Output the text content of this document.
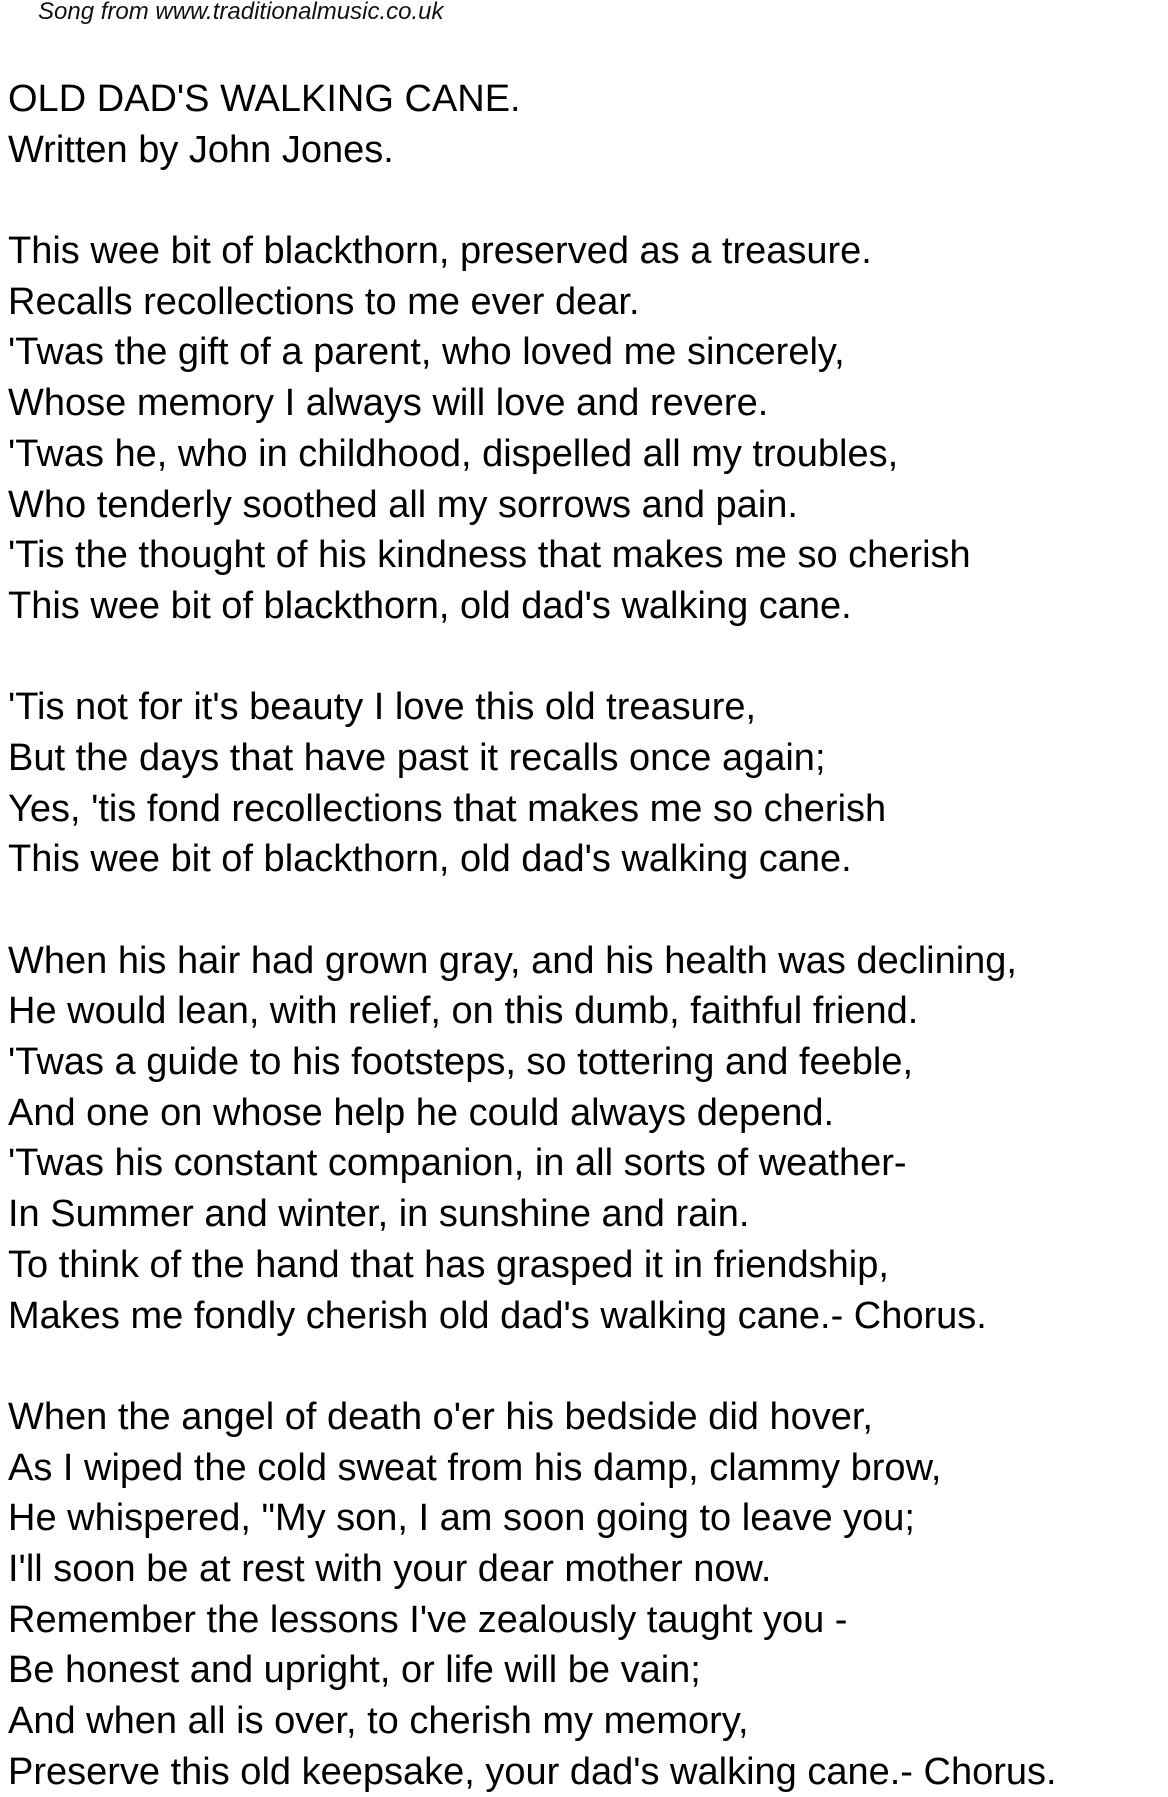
Song from www.traditionalmusic.co.uk

OLD DAD'S WALKING CANE.
Written by John Jones.
This wee bit of blackthorn, preserved as a treasure.
Recalls recollections to me ever dear.
'Twas the gift of a parent, who loved me sincerely,
Whose memory I always will love and revere.
'Twas he, who in childhood, dispelled all my troubles,
Who tenderly soothed all my sorrows and pain.
'Tis the thought of his kindness that makes me so cherish
This wee bit of blackthorn, old dad's walking cane.
'Tis not for it's beauty I love this old treasure,
But the days that have past it recalls once again;
Yes, 'tis fond recollections that makes me so cherish
This wee bit of blackthorn, old dad's walking cane.
When his hair had grown gray, and his health was declining,
He would lean, with relief, on this dumb, faithful friend.
'Twas a guide to his footsteps, so tottering and feeble,
And one on whose help he could always depend.
'Twas his constant companion, in all sorts of weather-
In Summer and winter, in sunshine and rain.
To think of the hand that has grasped it in friendship,
Makes me fondly cherish old dad's walking cane.- Chorus.
When the angel of death o'er his bedside did hover,
As I wiped the cold sweat from his damp, clammy brow,
He whispered, "My son, I am soon going to leave you;
I'll soon be at rest with your dear mother now.
Remember the lessons I've zealously taught you -
Be honest and upright, or life will be vain;
And when all is over, to cherish my memory,
Preserve this old keepsake, your dad's walking cane.- Chorus.
